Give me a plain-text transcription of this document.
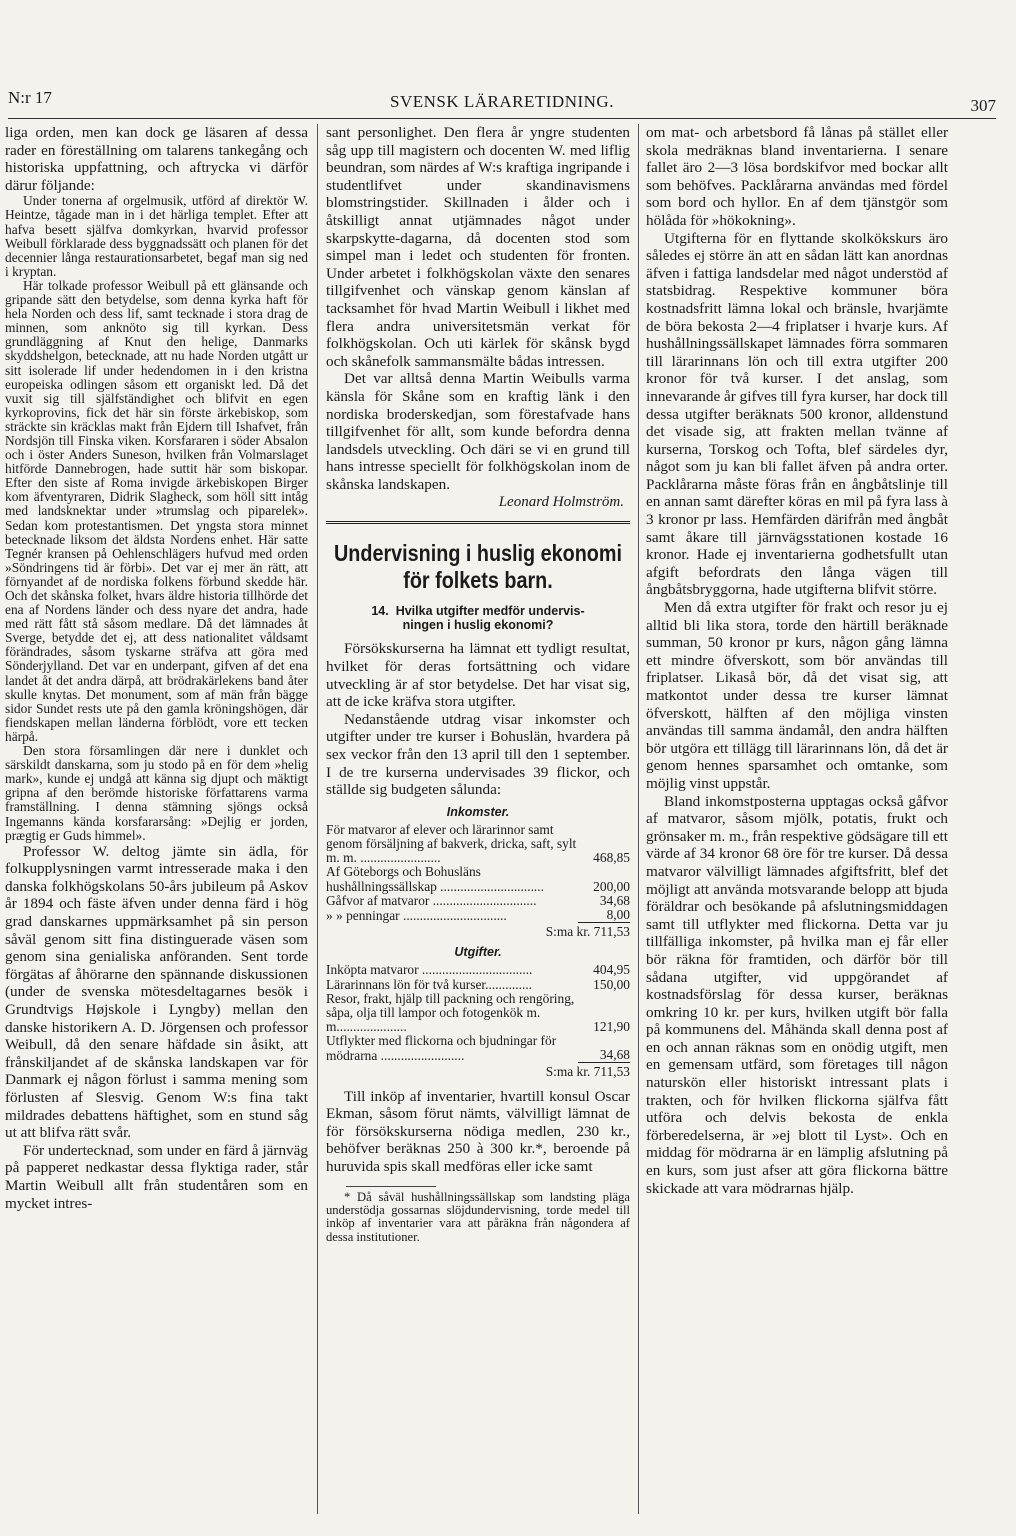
N:r 17	SVENSK LÄRARETIDNING.	307

liga orden, men kan dock ge läsaren af dessa rader en föreställning om talarens tankegång och historiska uppfattning, och aftrycka vi därför därur följande:

Under tonerna af orgelmusik, utförd af direktör W. Heintze, tågade man in i det härliga templet. Efter att hafva besett själfva domkyrkan, hvarvid professor Weibull förklarade dess byggnadssätt och planen för det decennier långa restaurationsarbetet, begaf man sig ned i kryptan.

Här tolkade professor Weibull på ett glänsande och gripande sätt den betydelse, som denna kyrka haft för hela Norden och dess lif, samt tecknade i stora drag de minnen, som anknöto sig till kyrkan. Dess grundläggning af Knut den helige, Danmarks skyddshelgon, betecknade, att nu hade Norden utgått ur sitt isolerade lif under hedendomen in i den kristna europeiska odlingen såsom ett organiskt led. Då det vuxit sig till själfständighet och blifvit en egen kyrkoprovins, fick det här sin förste ärkebiskop, som sträckte sin kräcklas makt från Ejdern till Ishafvet, från Nordsjön till Finska viken. Korsfararen i söder Absalon och i öster Anders Suneson, hvilken från Volmarslaget hitförde Dannebrogen, hade suttit här som biskopar. Efter den siste af Roma invigde ärkebiskopen Birger kom äfventyraren, Didrik Slagheck, som höll sitt intåg med landsknektar under »trumslag och piparelek». Sedan kom protestantismen. Det yngsta stora minnet betecknade liksom det äldsta Nordens enhet. Här satte Tegnér kransen på Oehlenschlägers hufvud med orden »Söndringens tid är förbi». Det var ej mer än rätt, att förnyandet af de nordiska folkens förbund skedde här. Och det skånska folket, hvars äldre historia tillhörde det ena af Nordens länder och dess nyare det andra, hade med rätt fått stå såsom medlare. Då det lämnades åt Sverge, betydde det ej, att dess nationalitet våldsamt förändrades, såsom tyskarne sträfva att göra med Sönderjylland. Det var en underpant, gifven af det ena landet åt det andra därpå, att brödrakärlekens band åter skulle knytas. Det monument, som af män från bägge sidor Sundet rests ute på den gamla kröningshögen, där fiendskapen mellan länderna förblödt, vore ett tecken härpå.

Den stora församlingen där nere i dunklet och särskildt danskarna, som ju stodo på en för dem »helig mark», kunde ej undgå att känna sig djupt och mäktigt gripna af den berömde historiske författarens varma framställning. I denna stämning sjöngs också Ingemanns kända korsfararsång: »Dejlig er jorden, prægtig er Guds himmel».

Professor W. deltog jämte sin ädla, för folkupplysningen varmt intresserade maka i den danska folkhögskolans 50-års jubileum på Askov år 1894 och fäste äfven under denna färd i hög grad danskarnes uppmärksamhet på sin person såväl genom sitt fina distinguerade väsen som genom sina genialiska anföranden. Sent torde förgätas af åhörarne den spännande diskussionen (under de svenska mötesdeltagarnes besök i Grundtvigs Højskole i Lyngby) mellan den danske historikern A. D. Jörgensen och professor Weibull, då den senare häfdade sin åsikt, att frånskiljandet af de skånska landskapen var för Danmark ej någon förlust i samma mening som förlusten af Slesvig. Genom W:s fina takt mildrades debattens häftighet, som en stund såg ut att blifva rätt svår.

För undertecknad, som under en färd å järnväg på papperet nedkastar dessa flyktiga rader, står Martin Weibull allt från studentåren som en mycket intres-

sant personlighet. Den flera år yngre studenten såg upp till magistern och docenten W. med liflig beundran, som närdes af W:s kraftiga ingripande i studentlifvet under skandinavismens blomstringstider. Skillnaden i ålder och i åtskilligt annat utjämnades något under skarpskytte-dagarna, då docenten stod som simpel man i ledet och studenten för fronten. Under arbetet i folkhögskolan växte den senares tillgifvenhet och vänskap genom känslan af tacksamhet för hvad Martin Weibull i likhet med flera andra universitetsmän verkat för folkhögskolan. Och uti kärlek för skånsk bygd och skånefolk sammansmälte bådas intressen.

Det var alltså denna Martin Weibulls varma känsla för Skåne som en kraftig länk i den nordiska broderskedjan, som förestafvade hans tillgifvenhet för allt, som kunde befordra denna landsdels utveckling. Och däri se vi en grund till hans intresse speciellt för folkhögskolan inom de skånska landskapen.

Leonard Holmström.

Undervisning i huslig ekonomi
för folkets barn.
14. Hvilka utgifter medför undervis-
ningen i huslig ekonomi?

Försökskurserna ha lämnat ett tydligt resultat, hvilket för deras fortsättning och vidare utveckling är af stor betydelse. Det har visat sig, att de icke kräfva stora utgifter.

Nedanstående utdrag visar inkomster och utgifter under tre kurser i Bohuslän, hvardera på sex veckor från den 13 april till den 1 september. I de tre kurserna undervisades 39 flickor, och ställde sig budgeten sålunda:

Inkomster.
För matvaror af elever och lärarinnor samt genom försäljning af bakverk, dricka, saft, sylt m. m. ........................	468,85
Af Göteborgs och Bohusläns hushållningssällskap ...............................	200,00
Gåfvor af matvaror ...............................	34,68
» » penningar ...............................	8,00
S:ma kr. 711,53	
Utgifter.
Inköpta matvaror .................................	404,95
Lärarinnans lön för två kurser..............	150,00
Resor, frakt, hjälp till packning och rengöring, såpa, olja till lampor och fotogenkök m. m.....................	121,90
Utflykter med flickorna och bjudningar för mödrarna .........................	34,68
S:ma kr. 711,53	

Till inköp af inventarier, hvartill konsul Oscar Ekman, såsom förut nämts, välvilligt lämnat de för försökskurserna nödiga medlen, 230 kr., behöfver beräknas 250 à 300 kr.*, beroende på huruvida spis skall medföras eller icke samt

* Då såväl hushållningssällskap som landsting pläga understödja gossarnas slöjdundervisning, torde medel till inköp af inventarier vara att påräkna från någondera af dessa institutioner.

om mat- och arbetsbord få lånas på stället eller skola medräknas bland inventarierna. I senare fallet äro 2—3 lösa bordskifvor med bockar allt som behöfves. Packlårarna användas med fördel som bord och hyllor. En af dem tjänstgör som hölåda för »hökokning».

Utgifterna för en flyttande skolkökskurs äro således ej större än att en sådan lätt kan anordnas äfven i fattiga landsdelar med något understöd af statsbidrag. Respektive kommuner böra kostnadsfritt lämna lokal och bränsle, hvarjämte de böra bekosta 2—4 friplatser i hvarje kurs. Af hushållningssällskapet lämnades förra sommaren till lärarinnans lön och till extra utgifter 200 kronor för två kurser. I det anslag, som innevarande år gifves till fyra kurser, har dock till dessa utgifter beräknats 500 kronor, alldenstund det visade sig, att frakten mellan tvänne af kurserna, Torskog och Tofta, blef särdeles dyr, något som ju kan bli fallet äfven på andra orter. Packlårarna måste föras från en ångbåtslinje till en annan samt därefter köras en mil på fyra lass à 3 kronor pr lass. Hemfärden därifrån med ångbåt samt åkare till järnvägsstationen kostade 16 kronor. Hade ej inventarierna godhetsfullt utan afgift befordrats den långa vägen till ångbåtsbryggorna, hade utgifterna blifvit större.

Men då extra utgifter för frakt och resor ju ej alltid bli lika stora, torde den härtill beräknade summan, 50 kronor pr kurs, någon gång lämna ett mindre öfverskott, som bör användas till friplatser. Likaså bör, då det visat sig, att matkontot under dessa tre kurser lämnat öfverskott, hälften af den möjliga vinsten användas till samma ändamål, den andra hälften bör utgöra ett tillägg till lärarinnans lön, då det är genom hennes sparsamhet och omtanke, som möjlig vinst uppstår.

Bland inkomstposterna upptagas också gåfvor af matvaror, såsom mjölk, potatis, frukt och grönsaker m. m., från respektive gödsägare till ett värde af 34 kronor 68 öre för tre kurser. Då dessa matvaror välvilligt lämnades afgiftsfritt, blef det möjligt att använda motsvarande belopp att bjuda föräldrar och besökande på afslutningsmiddagen samt till utflykter med flickorna. Detta var ju tillfälliga inkomster, på hvilka man ej får eller bör räkna för framtiden, och därför bör till sådana utgifter, vid uppgörandet af kostnadsförslag för dessa kurser, beräknas omkring 10 kr. per kurs, hvilken utgift bör falla på kommunens del. Måhända skall denna post af en och annan räknas som en onödig utgift, men en gemensam utfärd, som företages till någon naturskön eller historiskt intressant plats i trakten, och för hvilken flickorna själfva fått utföra och delvis bekosta de enkla förberedelserna, är »ej blott til Lyst». Och en middag för mödrarna är en lämplig afslutning på en kurs, som just afser att göra flickorna bättre skickade att vara mödrarnas hjälp.
